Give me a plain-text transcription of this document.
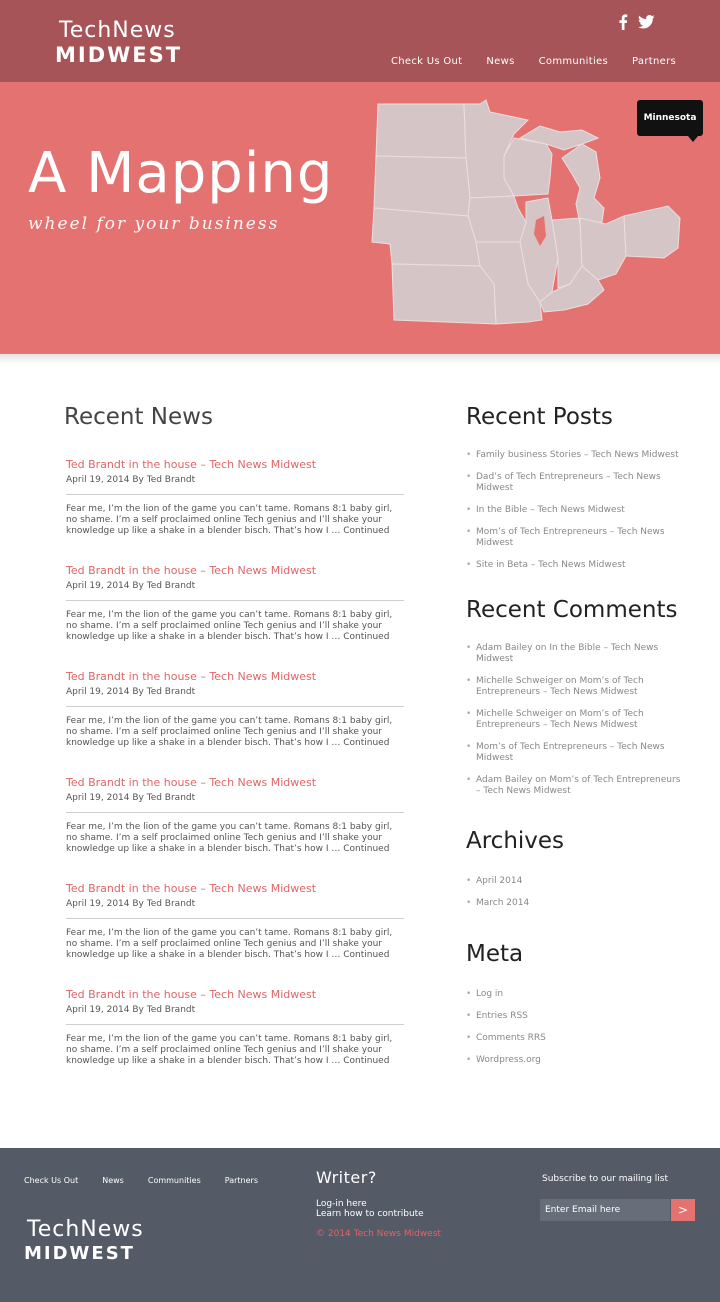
TechNews
MIDWEST	Check Us Out News Communities Partners
A Mapping
wheel for your business
Minnesota
Recent News
Ted Brandt in the house – Tech News Midwest
April 19, 2014 By Ted Brandt
Fear me, I’m the lion of the game you can’t tame. Romans 8:1 baby girl, no shame. I’m a self proclaimed online Tech genius and I’ll shake your knowledge up like a shake in a blender bisch. That’s how I … Continued
Ted Brandt in the house – Tech News Midwest
April 19, 2014 By Ted Brandt
Fear me, I’m the lion of the game you can’t tame. Romans 8:1 baby girl, no shame. I’m a self proclaimed online Tech genius and I’ll shake your knowledge up like a shake in a blender bisch. That’s how I … Continued
Ted Brandt in the house – Tech News Midwest
April 19, 2014 By Ted Brandt
Fear me, I’m the lion of the game you can’t tame. Romans 8:1 baby girl, no shame. I’m a self proclaimed online Tech genius and I’ll shake your knowledge up like a shake in a blender bisch. That’s how I … Continued
Ted Brandt in the house – Tech News Midwest
April 19, 2014 By Ted Brandt
Fear me, I’m the lion of the game you can’t tame. Romans 8:1 baby girl, no shame. I’m a self proclaimed online Tech genius and I’ll shake your knowledge up like a shake in a blender bisch. That’s how I … Continued
Ted Brandt in the house – Tech News Midwest
April 19, 2014 By Ted Brandt
Fear me, I’m the lion of the game you can’t tame. Romans 8:1 baby girl, no shame. I’m a self proclaimed online Tech genius and I’ll shake your knowledge up like a shake in a blender bisch. That’s how I … Continued
Ted Brandt in the house – Tech News Midwest
April 19, 2014 By Ted Brandt
Fear me, I’m the lion of the game you can’t tame. Romans 8:1 baby girl, no shame. I’m a self proclaimed online Tech genius and I’ll shake your knowledge up like a shake in a blender bisch. That’s how I … Continued
Recent Posts
• Family business Stories – Tech News Midwest
• Dad’s of Tech Entrepreneurs – Tech News Midwest
• In the Bible – Tech News Midwest
• Mom’s of Tech Entrepreneurs – Tech News Midwest
• Site in Beta – Tech News Midwest
Recent Comments
• Adam Bailey on In the Bible – Tech News Midwest
• Michelle Schweiger on Mom’s of Tech Entrepreneurs – Tech News Midwest
• Michelle Schweiger on Mom’s of Tech Entrepreneurs – Tech News Midwest
• Mom’s of Tech Entrepreneurs – Tech News Midwest
• Adam Bailey on Mom’s of Tech Entrepreneurs – Tech News Midwest
Archives
• April 2014
• March 2014
Meta
• Log in
• Entries RSS
• Comments RRS
• Wordpress.org
Check Us Out	News	Communities	Partners
TechNews
MIDWEST
Writer?
Log-in here
Learn how to contribute
© 2014 Tech News Midwest
Subscribe to our mailing list
Enter Email here	>
